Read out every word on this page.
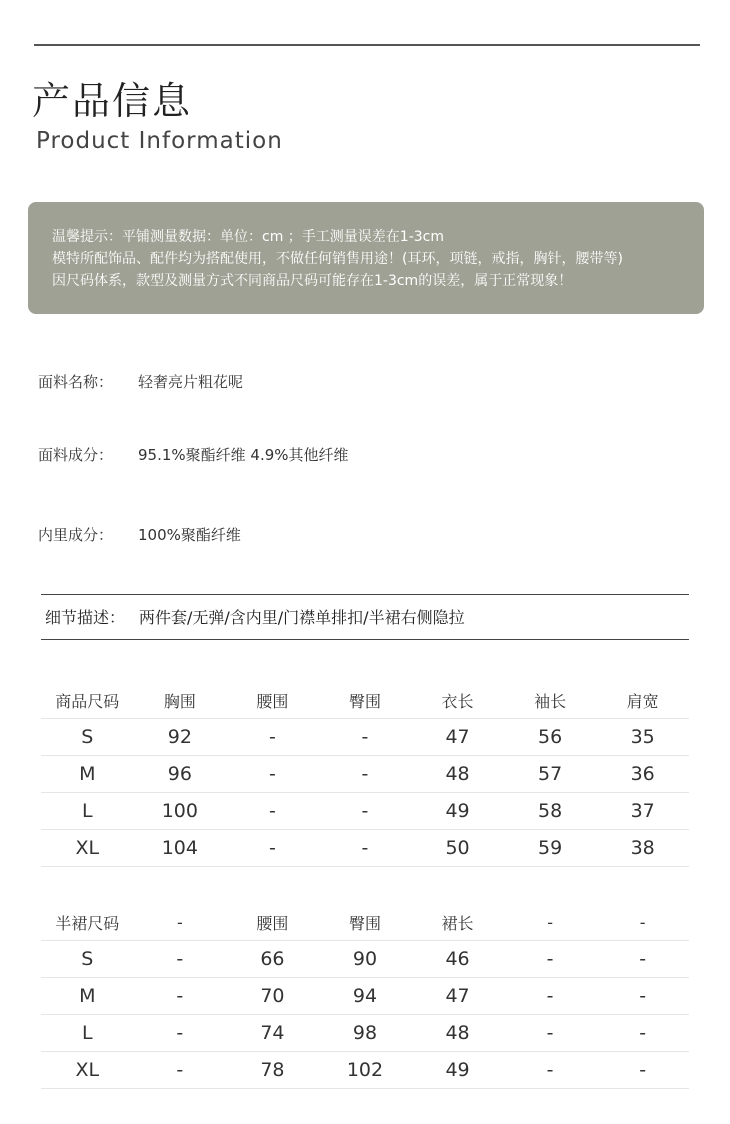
产品信息
Product Information
温馨提示：平铺测量数据：单位：cm ；手工测量误差在1-3cm
模特所配饰品、配件均为搭配使用，不做任何销售用途！(耳环，项链，戒指，胸针，腰带等)
因尺码体系，款型及测量方式不同商品尺码可能存在1-3cm的误差，属于正常现象！
面料名称： 轻奢亮片粗花呢
面料成分： 95.1%聚酯纤维 4.9%其他纤维
内里成分： 100%聚酯纤维
细节描述： 两件套/无弹/含内里/门襟单排扣/半裙右侧隐拉
商品尺码	胸围	腰围	臀围	衣长	袖长	肩宽
S	92	-	-	47	56	35
M	96	-	-	48	57	36
L	100	-	-	49	58	37
XL	104	-	-	50	59	38
半裙尺码	-	腰围	臀围	裙长	-	-
S	-	66	90	46	-	-
M	-	70	94	47	-	-
L	-	74	98	48	-	-
XL	-	78	102	49	-	-
